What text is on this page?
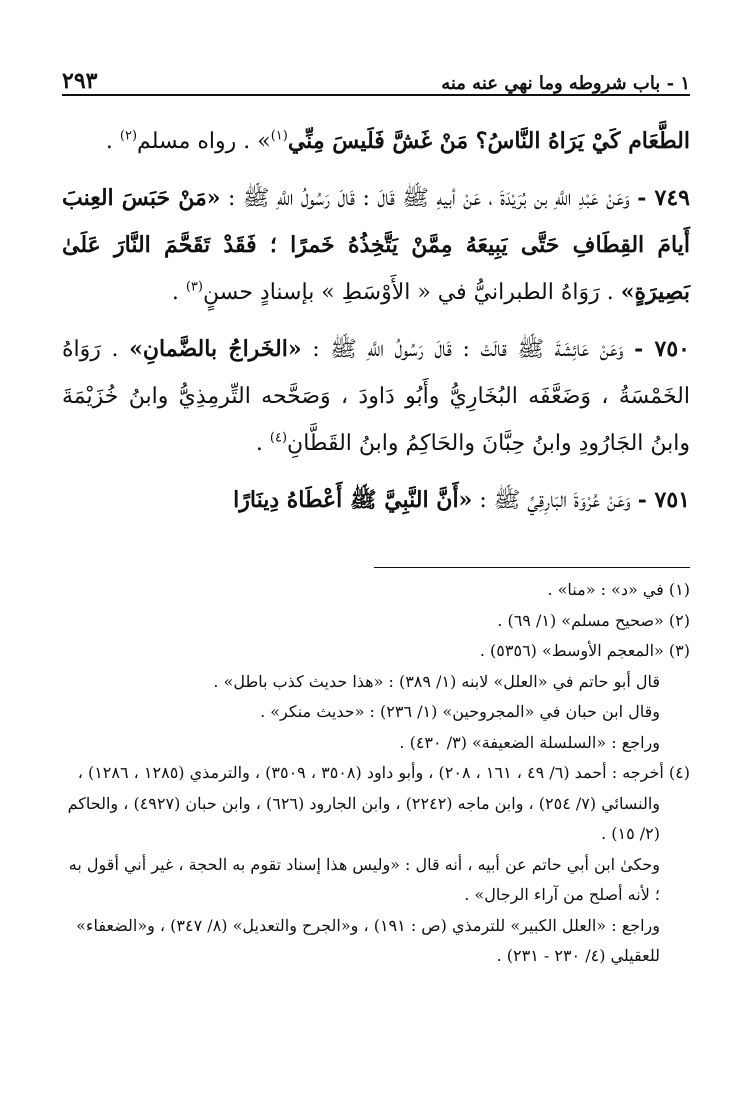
١ - باب شروطه وما نهي عنه منه
٢٩٣

الطَّعَام كَيْ يَرَاهُ النَّاسُ؟ مَنْ غَشَّ فَلَيسَ مِنِّي$^{(١)}$» . رواه مسلم$^{(٢)}$ .

٧٤٩ - وَعَنْ عَبْدِ اللَّهِ بن بُرَيْدَةَ ، عَنْ أبيهِ ﷺ قَالَ : قَالَ رَسُولُ اللَّهِ ﷺ : «مَنْ حَبَسَ العِنبَ أَيامَ القِطَافِ حَتَّى يَبِيعَهُ مِمَّنْ يَتَّخِذُهُ خَمرًا ؛ فَقَدْ تَقَحَّمَ النَّارَ عَلَىٰ بَصِيرَةٍ» . رَوَاهُ الطبرانيُّ في « الأَوْسَطِ » بإسنادٍ حسنٍ$^{(٣)}$ .

٧٥٠ - وَعَنْ عَائِشَةَ ﷺ قالَتْ : قَالَ رَسُولُ اللَّهِ ﷺ : «الخَراجُ بالضَّمانِ» . رَوَاهُ الخَمْسَةُ ، وَضَعَّفَه البُخَارِيُّ وأَبُو دَاودَ ، وَصَحَّحه التِّرمِذِيُّ وابنُ خُزَيْمَةَ وابنُ الجَارُودِ وابنُ حِبَّانَ والحَاكِمُ وابنُ القَطَّانِ$^{(٤)}$ .

٧٥١ - وَعَنْ عُرْوَةَ البَارِقِيِّ ﷺ : «أَنَّ النَّبِيَّ ﷺ أَعْطَاهُ دِينَارًا

(١) في «د» : «منا» .

(٢) «صحيح مسلم» (١/ ٦٩) .

(٣) «المعجم الأوسط» (٥٣٥٦) .

قال أبو حاتم في «العلل» لابنه (١/ ٣٨٩) : «هذا حديث كذب باطل» .

وقال ابن حبان في «المجروحين» (١/ ٢٣٦) : «حديث منكر» .

وراجع : «السلسلة الضعيفة» (٣/ ٤٣٠) .

(٤) أخرجه : أحمد (٦/ ٤٩ ، ١٦١ ، ٢٠٨) ، وأبو داود (٣٥٠٨ ، ٣٥٠٩) ، والترمذي (١٢٨٥ ، ١٢٨٦) ، والنسائي (٧/ ٢٥٤) ، وابن ماجه (٢٢٤٢) ، وابن الجارود (٦٢٦) ، وابن حبان (٤٩٢٧) ، والحاكم (٢/ ١٥) .

وحكىٰ ابن أبي حاتم عن أبيه ، أنه قال : «وليس هذا إسناد تقوم به الحجة ، غير أني أقول به ؛ لأنه أصلح من آراء الرجال» .

وراجع : «العلل الكبير» للترمذي (ص : ١٩١) ، و«الجرح والتعديل» (٨/ ٣٤٧) ، و«الضعفاء» للعقيلي (٤/ ٢٣٠ - ٢٣١) .
